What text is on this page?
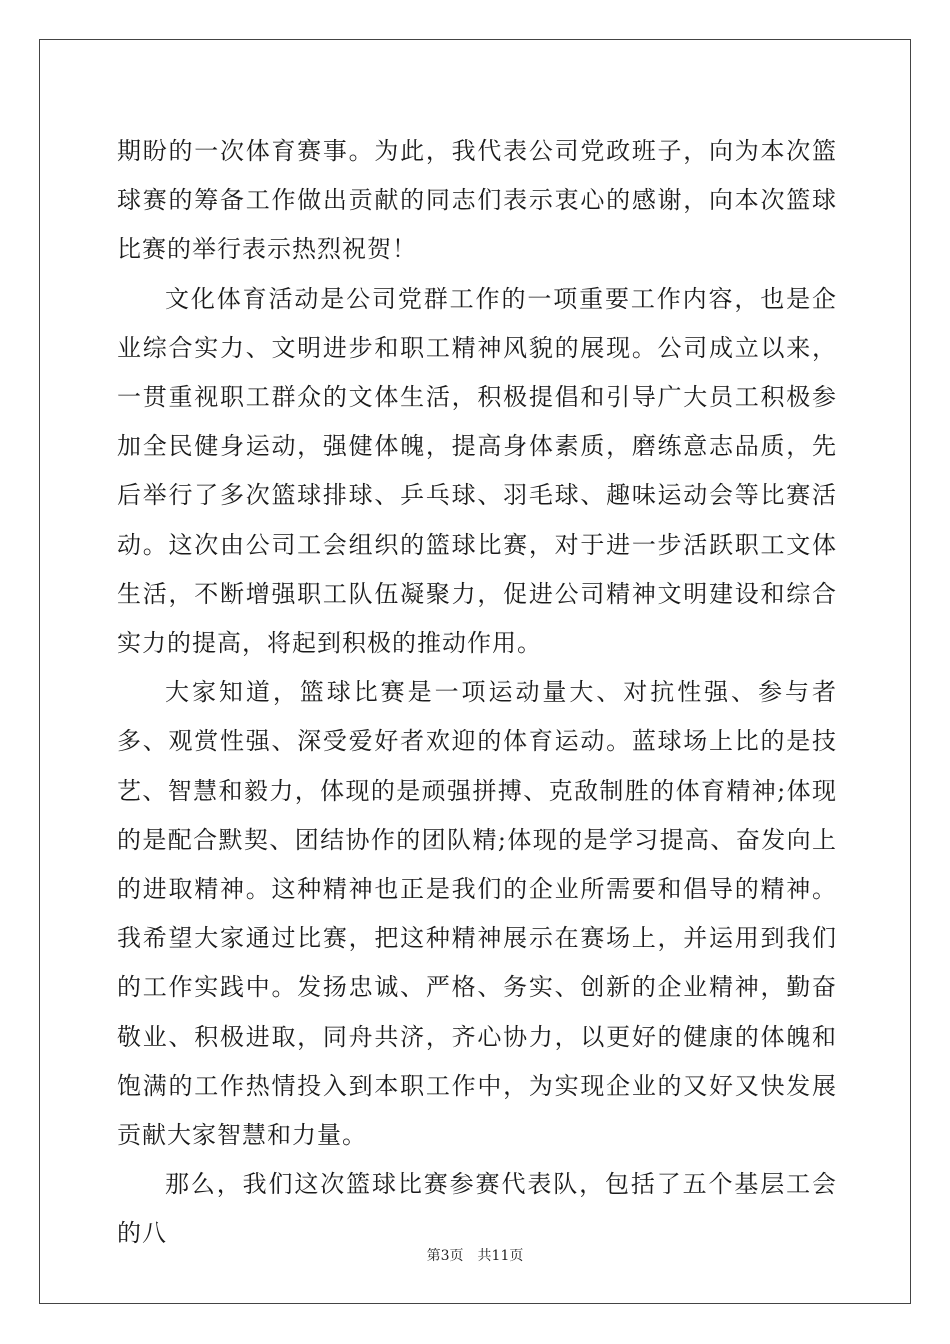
期盼的一次体育赛事。为此，我代表公司党政班子，向为本次篮球赛的筹备工作做出贡献的同志们表示衷心的感谢，向本次篮球比赛的举行表示热烈祝贺！

文化体育活动是公司党群工作的一项重要工作内容，也是企业综合实力、文明进步和职工精神风貌的展现。公司成立以来，一贯重视职工群众的文体生活，积极提倡和引导广大员工积极参加全民健身运动，强健体魄，提高身体素质，磨练意志品质，先后举行了多次篮球排球、乒乓球、羽毛球、趣味运动会等比赛活动。这次由公司工会组织的篮球比赛，对于进一步活跃职工文体生活，不断增强职工队伍凝聚力，促进公司精神文明建设和综合实力的提高，将起到积极的推动作用。

大家知道，篮球比赛是一项运动量大、对抗性强、参与者多、观赏性强、深受爱好者欢迎的体育运动。蓝球场上比的是技艺、智慧和毅力，体现的是顽强拼搏、克敌制胜的体育精神;体现的是配合默契、团结协作的团队精;体现的是学习提高、奋发向上的进取精神。这种精神也正是我们的企业所需要和倡导的精神。我希望大家通过比赛，把这种精神展示在赛场上，并运用到我们的工作实践中。发扬忠诚、严格、务实、创新的企业精神，勤奋敬业、积极进取，同舟共济，齐心协力，以更好的健康的体魄和饱满的工作热情投入到本职工作中，为实现企业的又好又快发展贡献大家智慧和力量。

那么，我们这次篮球比赛参赛代表队，包括了五个基层工会的八

第3页 共11页
